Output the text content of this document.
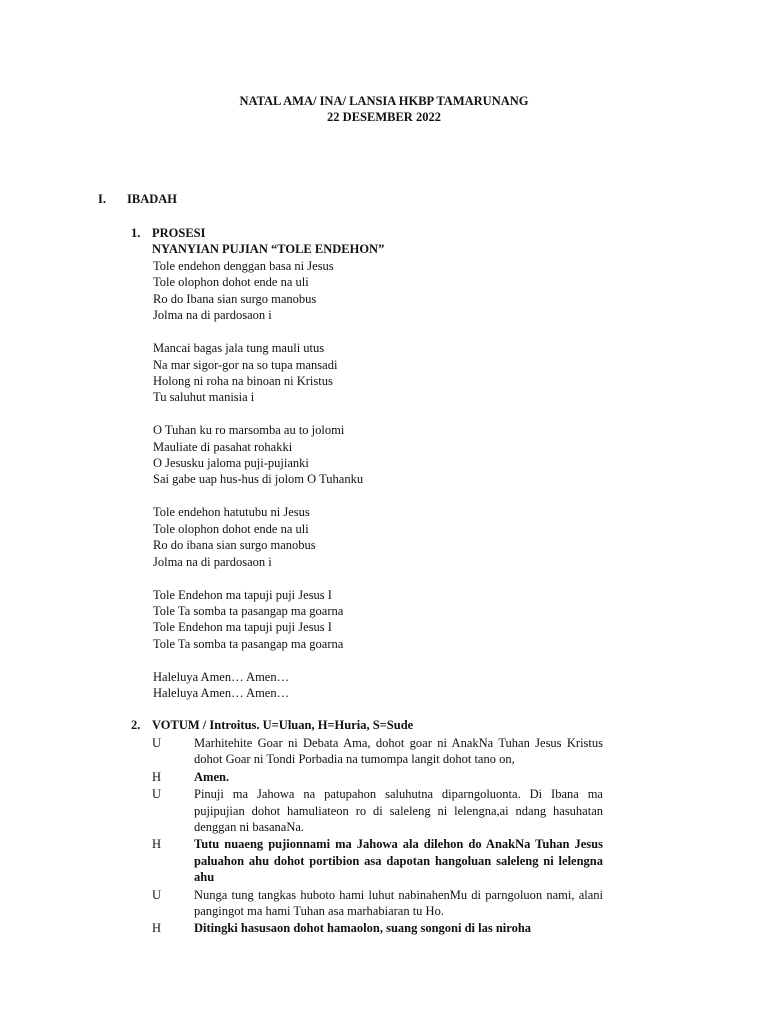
NATAL AMA/ INA/ LANSIA HKBP TAMARUNANG
22 DESEMBER 2022
I. IBADAH
1. PROSESI
NYANYIAN PUJIAN “TOLE ENDEHON”
Tole endehon denggan basa ni Jesus
Tole olophon dohot ende na uli
Ro do Ibana sian surgo manobus
Jolma na di pardosaon i
Mancai bagas jala tung mauli utus
Na mar sigor-gor na so tupa mansadi
Holong ni roha na binoan ni Kristus
Tu saluhut manisia i
O Tuhan ku ro marsomba au to jolomi
Mauliate di pasahat rohakki
O Jesusku jaloma puji-pujianki
Sai gabe uap hus-hus di jolom O Tuhanku
Tole endehon hatutubu ni Jesus
Tole olophon dohot ende na uli
Ro do ibana sian surgo manobus
Jolma na di pardosaon i
Tole Endehon ma tapuji puji Jesus I
Tole Ta somba ta pasangap ma goarna
Tole Endehon ma tapuji puji Jesus I
Tole Ta somba ta pasangap ma goarna
Haleluya Amen… Amen…
Haleluya Amen… Amen…
2. VOTUM / Introitus. U=Uluan, H=Huria, S=Sude
U	Marhitehite Goar ni Debata Ama, dohot goar ni AnakNa Tuhan Jesus Kristus dohot Goar ni Tondi Porbadia na tumompa langit dohot tano on,
H	Amen.
U	Pinuji ma Jahowa na patupahon saluhutna diparngoluonta. Di Ibana ma pujipujian dohot hamuliateon ro di saleleng ni lelengna,ai ndang hasuhatan denggan ni basanaNa.
H	Tutu nuaeng pujionnami ma Jahowa ala dilehon do AnakNa Tuhan Jesus paluahon ahu dohot portibion asa dapotan hangoluan saleleng ni lelengna ahu
U	Nunga tung tangkas huboto hami luhut nabinahenMu di parngoluon nami, alani pangingot ma hami Tuhan asa marhabiaran tu Ho.
H	Ditingki hasusaon dohot hamaolon, suang songoni di las niroha
